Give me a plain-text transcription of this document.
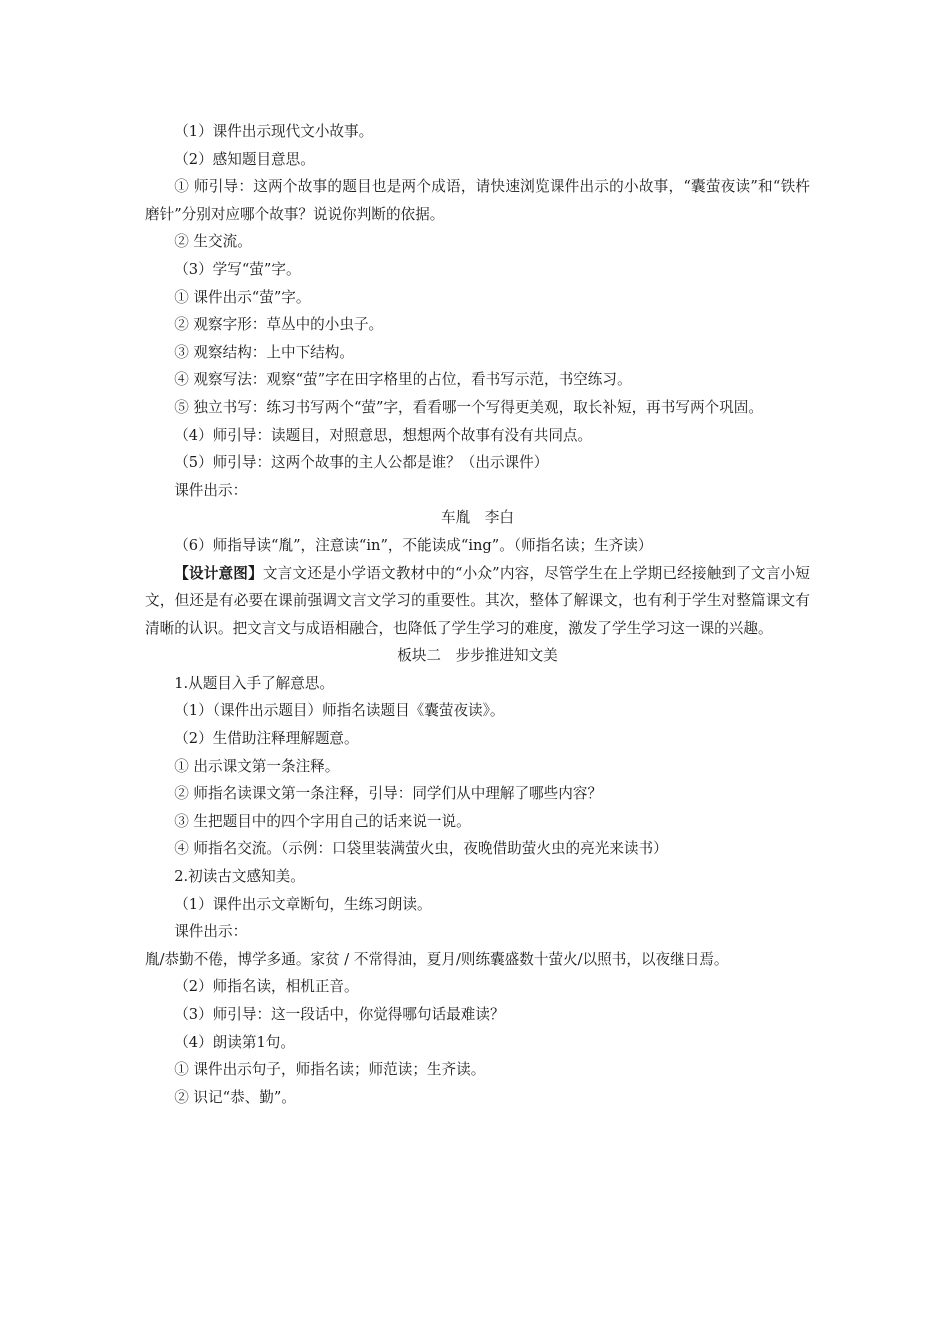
（1）课件出示现代文小故事。

（2）感知题目意思。

① 师引导：这两个故事的题目也是两个成语，请快速浏览课件出示的小故事，“囊萤夜读”和“铁杵磨针”分别对应哪个故事？说说你判断的依据。

② 生交流。

（3）学写“萤”字。

① 课件出示“萤”字。

② 观察字形：草丛中的小虫子。

③ 观察结构：上中下结构。

④ 观察写法：观察“萤”字在田字格里的占位，看书写示范，书空练习。

⑤ 独立书写：练习书写两个“萤”字，看看哪一个写得更美观，取长补短，再书写两个巩固。

（4）师引导：读题目，对照意思，想想两个故事有没有共同点。

（5）师引导：这两个故事的主人公都是谁？（出示课件）

课件出示：

车胤　李白

（6）师指导读“胤”，注意读“in”，不能读成“ing”。（师指名读；生齐读）

【设计意图】文言文还是小学语文教材中的“小众”内容，尽管学生在上学期已经接触到了文言小短文，但还是有必要在课前强调文言文学习的重要性。其次，整体了解课文，也有利于学生对整篇课文有清晰的认识。把文言文与成语相融合，也降低了学生学习的难度，激发了学生学习这一课的兴趣。

板块二　步步推进知文美

1.从题目入手了解意思。

（1）（课件出示题目）师指名读题目《囊萤夜读》。

（2）生借助注释理解题意。

① 出示课文第一条注释。

② 师指名读课文第一条注释，引导：同学们从中理解了哪些内容？

③ 生把题目中的四个字用自己的话来说一说。

④ 师指名交流。（示例：口袋里装满萤火虫，夜晚借助萤火虫的亮光来读书）

2.初读古文感知美。

（1）课件出示文章断句，生练习朗读。

课件出示：

胤/恭勤不倦，博学多通。家贫 / 不常得油，夏月/则练囊盛数十萤火/以照书，以夜继日焉。

（2）师指名读，相机正音。

（3）师引导：这一段话中，你觉得哪句话最难读？

（4）朗读第1句。

① 课件出示句子，师指名读；师范读；生齐读。

② 识记“恭、勤”。
